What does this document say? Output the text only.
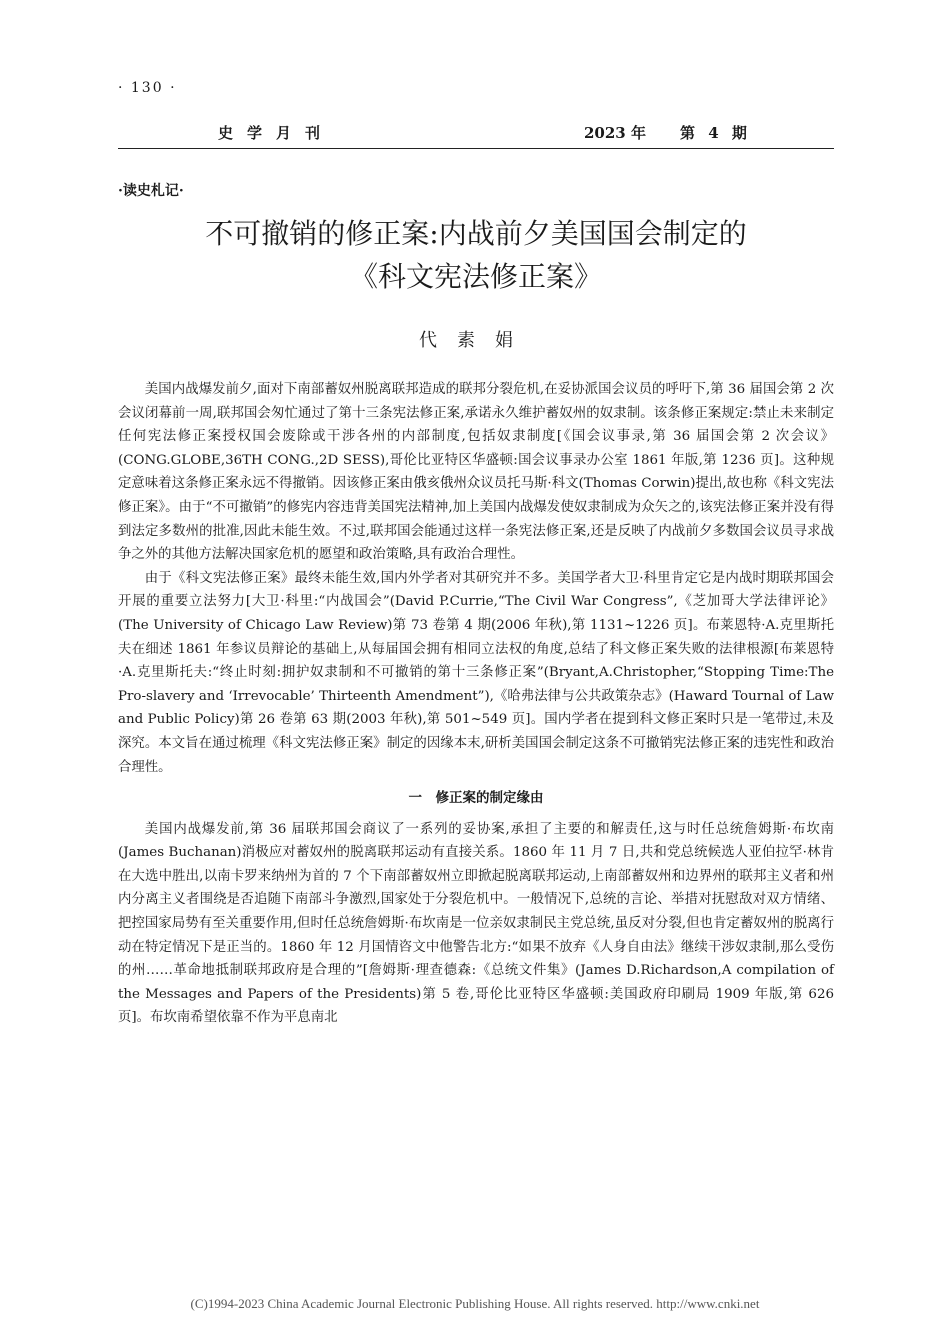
· 130 ·
史学月刊	2023 年 第 4 期
·读史札记·
不可撤销的修正案:内战前夕美国国会制定的
《科文宪法修正案》
代素娟

美国内战爆发前夕,面对下南部蓄奴州脱离联邦造成的联邦分裂危机,在妥协派国会议员的呼吁下,第 36 届国会第 2 次会议闭幕前一周,联邦国会匆忙通过了第十三条宪法修正案,承诺永久维护蓄奴州的奴隶制。该条修正案规定:禁止未来制定任何宪法修正案授权国会废除或干涉各州的内部制度,包括奴隶制度[《国会议事录,第 36 届国会第 2 次会议》(CONG.GLOBE,36TH CONG.,2D SESS),哥伦比亚特区华盛顿:国会议事录办公室 1861 年版,第 1236 页]。这种规定意味着这条修正案永远不得撤销。因该修正案由俄亥俄州众议员托马斯·科文(Thomas Corwin)提出,故也称《科文宪法修正案》。由于“不可撤销”的修宪内容违背美国宪法精神,加上美国内战爆发使奴隶制成为众矢之的,该宪法修正案并没有得到法定多数州的批准,因此未能生效。不过,联邦国会能通过这样一条宪法修正案,还是反映了内战前夕多数国会议员寻求战争之外的其他方法解决国家危机的愿望和政治策略,具有政治合理性。

由于《科文宪法修正案》最终未能生效,国内外学者对其研究并不多。美国学者大卫·科里肯定它是内战时期联邦国会开展的重要立法努力[大卫·科里:“内战国会”(David P.Currie,“The Civil War Congress”,《芝加哥大学法律评论》(The University of Chicago Law Review)第 73 卷第 4 期(2006 年秋),第 1131~1226 页]。布莱恩特·A.克里斯托夫在细述 1861 年参议员辩论的基础上,从每届国会拥有相同立法权的角度,总结了科文修正案失败的法律根源[布莱恩特·A.克里斯托夫:“终止时刻:拥护奴隶制和不可撤销的第十三条修正案”(Bryant,A.Christopher,“Stopping Time:The Pro-slavery and ‘Irrevocable’ Thirteenth Amendment”),《哈弗法律与公共政策杂志》(Haward Tournal of Law and Public Policy)第 26 卷第 63 期(2003 年秋),第 501~549 页]。国内学者在提到科文修正案时只是一笔带过,未及深究。本文旨在通过梳理《科文宪法修正案》制定的因缘本末,研析美国国会制定这条不可撤销宪法修正案的违宪性和政治合理性。

一　修正案的制定缘由

美国内战爆发前,第 36 届联邦国会商议了一系列的妥协案,承担了主要的和解责任,这与时任总统詹姆斯·布坎南(James Buchanan)消极应对蓄奴州的脱离联邦运动有直接关系。1860 年 11 月 7 日,共和党总统候选人亚伯拉罕·林肯在大选中胜出,以南卡罗来纳州为首的 7 个下南部蓄奴州立即掀起脱离联邦运动,上南部蓄奴州和边界州的联邦主义者和州内分离主义者围绕是否追随下南部斗争激烈,国家处于分裂危机中。一般情况下,总统的言论、举措对抚慰敌对双方情绪、把控国家局势有至关重要作用,但时任总统詹姆斯·布坎南是一位亲奴隶制民主党总统,虽反对分裂,但也肯定蓄奴州的脱离行动在特定情况下是正当的。1860 年 12 月国情咨文中他警告北方:“如果不放弃《人身自由法》继续干涉奴隶制,那么受伤的州……革命地抵制联邦政府是合理的”[詹姆斯·理查德森:《总统文件集》(James D.Richardson,A compilation of the Messages and Papers of the Presidents)第 5 卷,哥伦比亚特区华盛顿:美国政府印刷局 1909 年版,第 626 页]。布坎南希望依靠不作为平息南北

(C)1994-2023 China Academic Journal Electronic Publishing House. All rights reserved. http://www.cnki.net
